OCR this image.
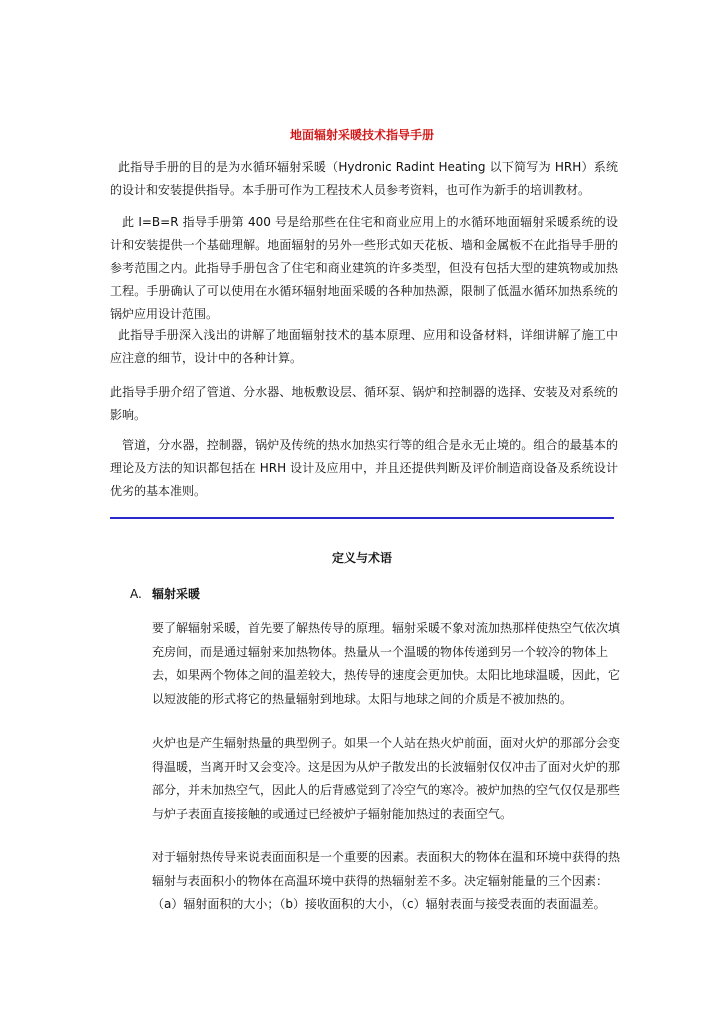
地面辐射采暖技术指导手册

此指导手册的目的是为水循环辐射采暖（Hydronic Radint Heating 以下简写为 HRH）系统的设计和安装提供指导。本手册可作为工程技术人员参考资料，也可作为新手的培训教材。

此 I=B=R 指导手册第 400 号是给那些在住宅和商业应用上的水循环地面辐射采暖系统的设计和安装提供一个基础理解。地面辐射的另外一些形式如天花板、墙和金属板不在此指导手册的参考范围之内。此指导手册包含了住宅和商业建筑的许多类型，但没有包括大型的建筑物或加热工程。手册确认了可以使用在水循环辐射地面采暖的各种加热源，限制了低温水循环加热系统的锅炉应用设计范围。

此指导手册深入浅出的讲解了地面辐射技术的基本原理、应用和设备材料，详细讲解了施工中应注意的细节，设计中的各种计算。

此指导手册介绍了管道、分水器、地板敷设层、循环泵、锅炉和控制器的选择、安装及对系统的影响。

管道，分水器，控制器，锅炉及传统的热水加热实行等的组合是永无止境的。组合的最基本的理论及方法的知识都包括在 HRH 设计及应用中，并且还提供判断及评价制造商设备及系统设计优劣的基本准则。

定义与术语
A. 辐射采暖

要了解辐射采暖，首先要了解热传导的原理。辐射采暖不象对流加热那样使热空气依次填充房间，而是通过辐射来加热物体。热量从一个温暖的物体传递到另一个较冷的物体上去，如果两个物体之间的温差较大，热传导的速度会更加快。太阳比地球温暖，因此，它以短波能的形式将它的热量辐射到地球。太阳与地球之间的介质是不被加热的。

火炉也是产生辐射热量的典型例子。如果一个人站在热火炉前面，面对火炉的那部分会变得温暖，当离开时又会变冷。这是因为从炉子散发出的长波辐射仅仅冲击了面对火炉的那部分，并未加热空气，因此人的后背感觉到了冷空气的寒冷。被炉加热的空气仅仅是那些与炉子表面直接接触的或通过已经被炉子辐射能加热过的表面空气。

对于辐射热传导来说表面面积是一个重要的因素。表面积大的物体在温和环境中获得的热辐射与表面积小的物体在高温环境中获得的热辐射差不多。决定辐射能量的三个因素：（a）辐射面积的大小；（b）接收面积的大小，（c）辐射表面与接受表面的表面温差。
